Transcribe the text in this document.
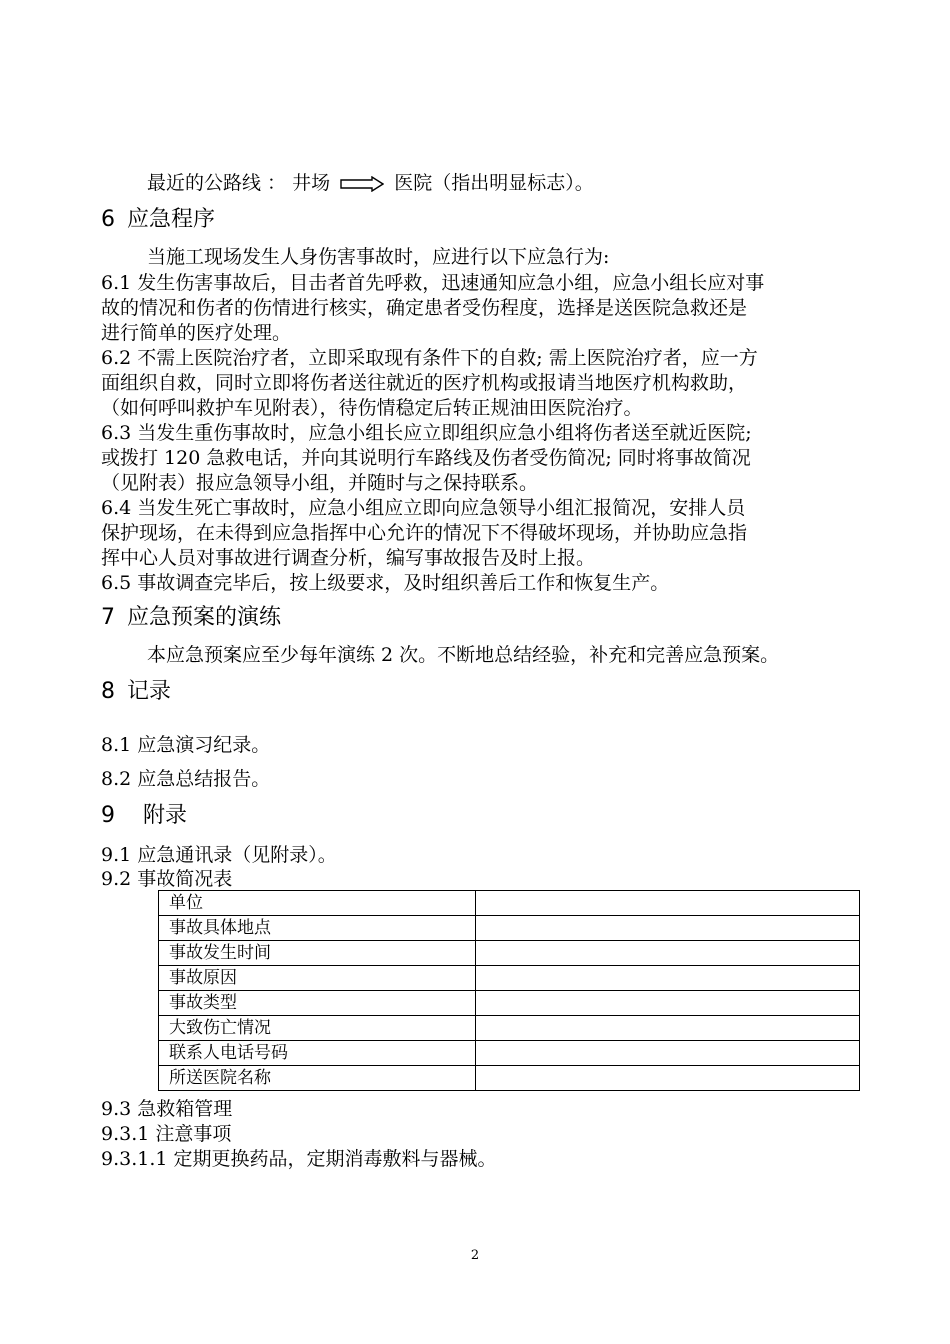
最近的公路线 ： 井场	医院（指出明显标志）。
6 应急程序
当施工现场发生人身伤害事故时，应进行以下应急行为:
6.1 发生伤害事故后，目击者首先呼救，迅速通知应急小组，应急小组长应对事
故的情况和伤者的伤情进行核实，确定患者受伤程度，选择是送医院急救还是
进行简单的医疗处理。
6.2 不需上医院治疗者，立即采取现有条件下的自救; 需上医院治疗者，应一方
面组织自救，同时立即将伤者送往就近的医疗机构或报请当地医疗机构救助，
（如何呼叫救护车见附表），待伤情稳定后转正规油田医院治疗。
6.3 当发生重伤事故时，应急小组长应立即组织应急小组将伤者送至就近医院;
或拨打 120 急救电话，并向其说明行车路线及伤者受伤简况; 同时将事故简况
（见附表）报应急领导小组，并随时与之保持联系。
6.4 当发生死亡事故时，应急小组应立即向应急领导小组汇报简况，安排人员
保护现场，在未得到应急指挥中心允许的情况下不得破坏现场，并协助应急指
挥中心人员对事故进行调查分析，编写事故报告及时上报。
6.5 事故调查完毕后，按上级要求，及时组织善后工作和恢复生产。
7 应急预案的演练
本应急预案应至少每年演练 2 次。不断地总结经验，补充和完善应急预案。
8 记录
8.1 应急演习纪录。
8.2 应急总结报告。
9 附录
9.1 应急通讯录（见附录）。
9.2 事故简况表
单位	
事故具体地点	
事故发生时间	
事故原因	
事故类型	
大致伤亡情况	
联系人电话号码	
所送医院名称	
9.3 急救箱管理
9.3.1 注意事项
9.3.1.1 定期更换药品，定期消毒敷料与器械。
2
